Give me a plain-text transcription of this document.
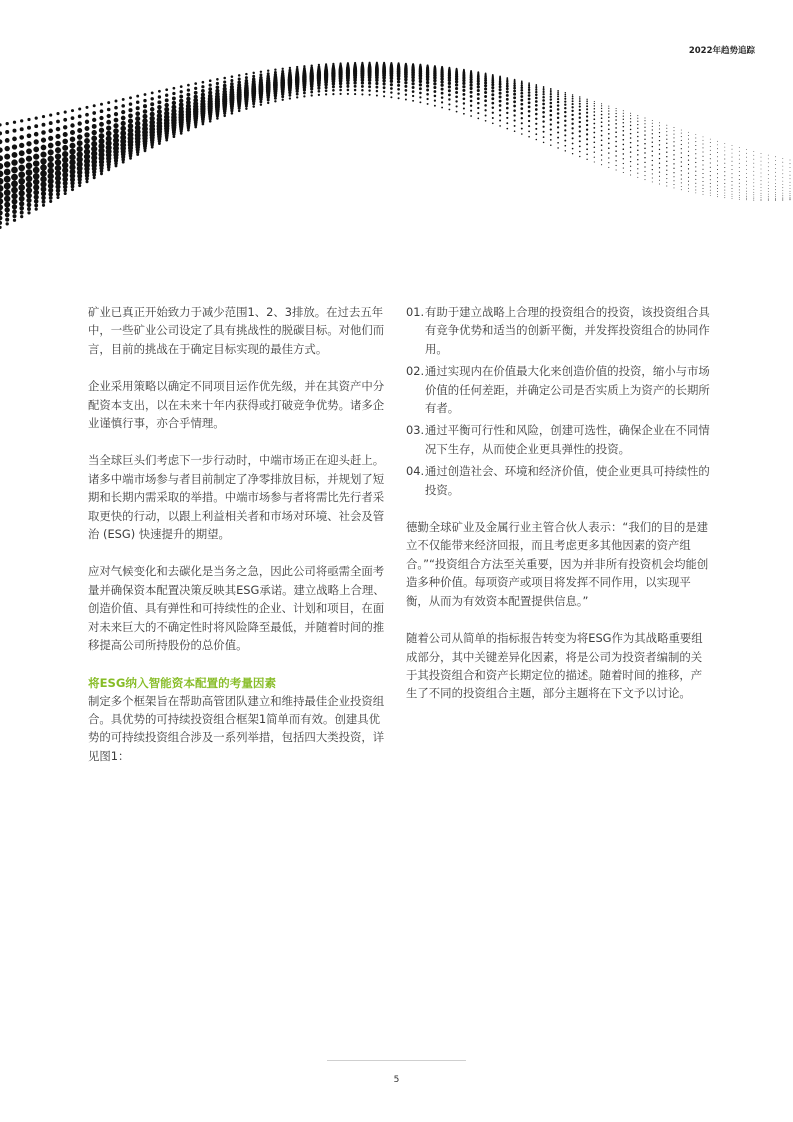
2022年趋势追踪

矿业已真正开始致力于减少范围1、2、3排放。在过去五年中，一些矿业公司设定了具有挑战性的脱碳目标。对他们而言，目前的挑战在于确定目标实现的最佳方式。

企业采用策略以确定不同项目运作优先级，并在其资产中分配资本支出，以在未来十年内获得或打破竞争优势。诸多企业谨慎行事，亦合乎情理。

当全球巨头们考虑下一步行动时，中端市场正在迎头赶上。诸多中端市场参与者目前制定了净零排放目标，并规划了短期和长期内需采取的举措。中端市场参与者将需比先行者采取更快的行动，以跟上利益相关者和市场对环境、社会及管治 (ESG) 快速提升的期望。

应对气候变化和去碳化是当务之急，因此公司将亟需全面考量并确保资本配置决策反映其ESG承诺。建立战略上合理、创造价值、具有弹性和可持续性的企业、计划和项目，在面对未来巨大的不确定性时将风险降至最低，并随着时间的推移提高公司所持股份的总价值。

将ESG纳入智能资本配置的考量因素

制定多个框架旨在帮助高管团队建立和维持最佳企业投资组合。具优势的可持续投资组合框架1简单而有效。创建具优势的可持续投资组合涉及一系列举措，包括四大类投资，详见图1：

01. 有助于建立战略上合理的投资组合的投资，该投资组合具有竞争优势和适当的创新平衡，并发挥投资组合的协同作用。
02. 通过实现内在价值最大化来创造价值的投资，缩小与市场价值的任何差距，并确定公司是否实质上为资产的长期所有者。
03. 通过平衡可行性和风险，创建可选性，确保企业在不同情况下生存，从而使企业更具弹性的投资。
04. 通过创造社会、环境和经济价值，使企业更具可持续性的投资。

德勤全球矿业及金属行业主管合伙人表示：“我们的目的是建立不仅能带来经济回报，而且考虑更多其他因素的资产组合。”“投资组合方法至关重要，因为并非所有投资机会均能创造多种价值。每项资产或项目将发挥不同作用，以实现平衡，从而为有效资本配置提供信息。”

随着公司从简单的指标报告转变为将ESG作为其战略重要组成部分，其中关键差异化因素，将是公司为投资者编制的关于其投资组合和资产长期定位的描述。随着时间的推移，产生了不同的投资组合主题，部分主题将在下文予以讨论。

5
